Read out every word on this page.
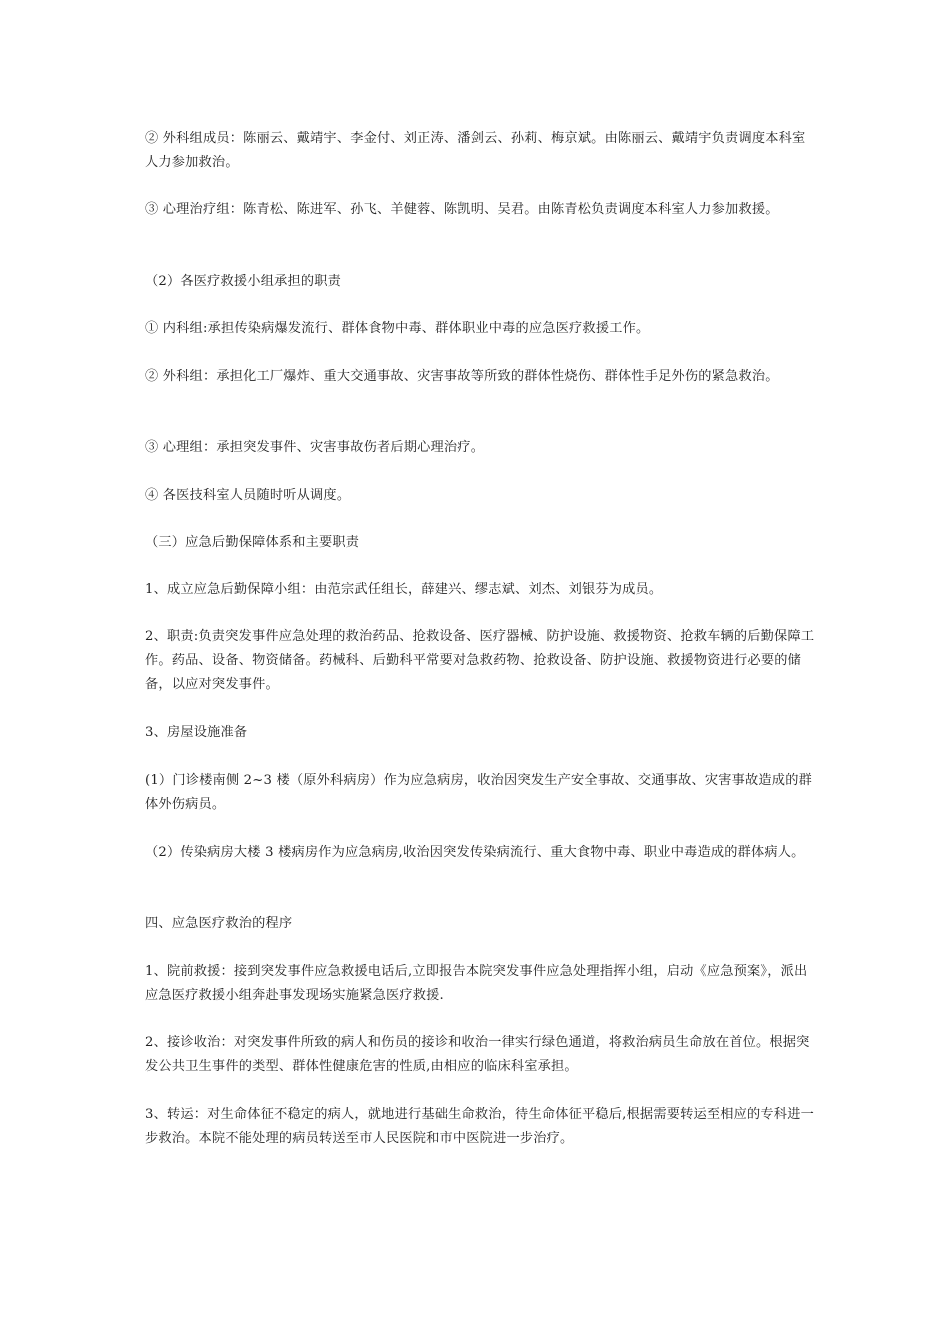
② 外科组成员：陈丽云、戴靖宇、李金付、刘正涛、潘剑云、孙莉、梅京斌。由陈丽云、戴靖宇负责调度本科室人力参加救治。

③ 心理治疗组：陈青松、陈进军、孙飞、羊健蓉、陈凯明、吴君。由陈青松负责调度本科室人力参加救援。

（2）各医疗救援小组承担的职责

① 内科组:承担传染病爆发流行、群体食物中毒、群体职业中毒的应急医疗救援工作。

② 外科组：承担化工厂爆炸、重大交通事故、灾害事故等所致的群体性烧伤、群体性手足外伤的紧急救治。

③ 心理组：承担突发事件、灾害事故伤者后期心理治疗。

④ 各医技科室人员随时听从调度。

（三）应急后勤保障体系和主要职责

1、成立应急后勤保障小组：由范宗武任组长，薛建兴、缪志斌、刘杰、刘银芬为成员。

2、职责:负责突发事件应急处理的救治药品、抢救设备、医疗器械、防护设施、救援物资、抢救车辆的后勤保障工作。药品、设备、物资储备。药械科、后勤科平常要对急救药物、抢救设备、防护设施、救援物资进行必要的储备，以应对突发事件。

3、房屋设施准备

(1）门诊楼南侧 2~3 楼（原外科病房）作为应急病房，收治因突发生产安全事故、交通事故、灾害事故造成的群体外伤病员。

（2）传染病房大楼 3 楼病房作为应急病房,收治因突发传染病流行、重大食物中毒、职业中毒造成的群体病人。

四、应急医疗救治的程序

1、院前救援：接到突发事件应急救援电话后,立即报告本院突发事件应急处理指挥小组，启动《应急预案》，派出应急医疗救援小组奔赴事发现场实施紧急医疗救援.

2、接诊收治：对突发事件所致的病人和伤员的接诊和收治一律实行绿色通道，将救治病员生命放在首位。根据突发公共卫生事件的类型、群体性健康危害的性质,由相应的临床科室承担。

3、转运：对生命体征不稳定的病人，就地进行基础生命救治，待生命体征平稳后,根据需要转运至相应的专科进一步救治。本院不能处理的病员转送至市人民医院和市中医院进一步治疗。
